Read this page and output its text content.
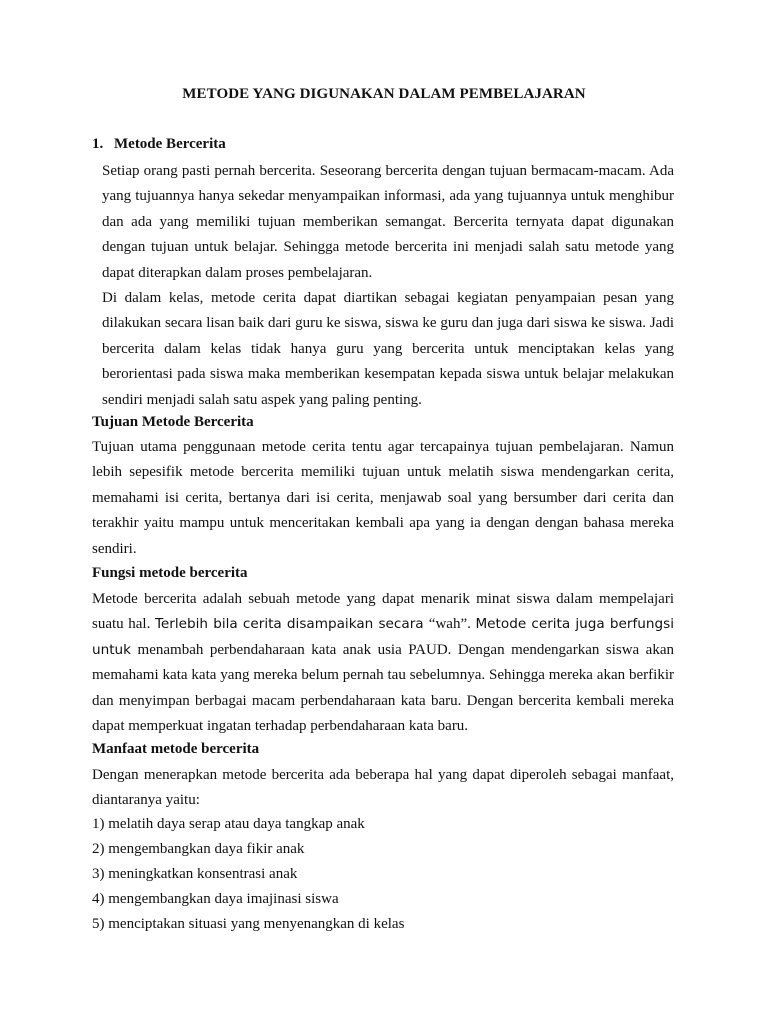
METODE YANG DIGUNAKAN DALAM PEMBELAJARAN
1. Metode Bercerita

Setiap orang pasti pernah bercerita. Seseorang bercerita dengan tujuan bermacam-macam. Ada yang tujuannya hanya sekedar menyampaikan informasi, ada yang tujuannya untuk menghibur dan ada yang memiliki tujuan memberikan semangat. Bercerita ternyata dapat digunakan dengan tujuan untuk belajar. Sehingga metode bercerita ini menjadi salah satu metode yang dapat diterapkan dalam proses pembelajaran.

Di dalam kelas, metode cerita dapat diartikan sebagai kegiatan penyampaian pesan yang dilakukan secara lisan baik dari guru ke siswa, siswa ke guru dan juga dari siswa ke siswa. Jadi bercerita dalam kelas tidak hanya guru yang bercerita untuk menciptakan kelas yang berorientasi pada siswa maka memberikan kesempatan kepada siswa untuk belajar melakukan sendiri menjadi salah satu aspek yang paling penting.

Tujuan Metode Bercerita

Tujuan utama penggunaan metode cerita tentu agar tercapainya tujuan pembelajaran. Namun lebih sepesifik metode bercerita memiliki tujuan untuk melatih siswa mendengarkan cerita, memahami isi cerita, bertanya dari isi cerita, menjawab soal yang bersumber dari cerita dan terakhir yaitu mampu untuk menceritakan kembali apa yang ia dengan dengan bahasa mereka sendiri.

Fungsi metode bercerita

Metode bercerita adalah sebuah metode yang dapat menarik minat siswa dalam mempelajari suatu hal. Terlebih bila cerita disampaikan secara “wah”. Metode cerita juga berfungsi untuk menambah perbendaharaan kata anak usia PAUD. Dengan mendengarkan siswa akan memahami kata kata yang mereka belum pernah tau sebelumnya. Sehingga mereka akan berfikir dan menyimpan berbagai macam perbendaharaan kata baru. Dengan bercerita kembali mereka dapat memperkuat ingatan terhadap perbendaharaan kata baru.

Manfaat metode bercerita

Dengan menerapkan metode bercerita ada beberapa hal yang dapat diperoleh sebagai manfaat, diantaranya yaitu:

1) melatih daya serap atau daya tangkap anak
2) mengembangkan daya fikir anak
3) meningkatkan konsentrasi anak
4) mengembangkan daya imajinasi siswa
5) menciptakan situasi yang menyenangkan di kelas
